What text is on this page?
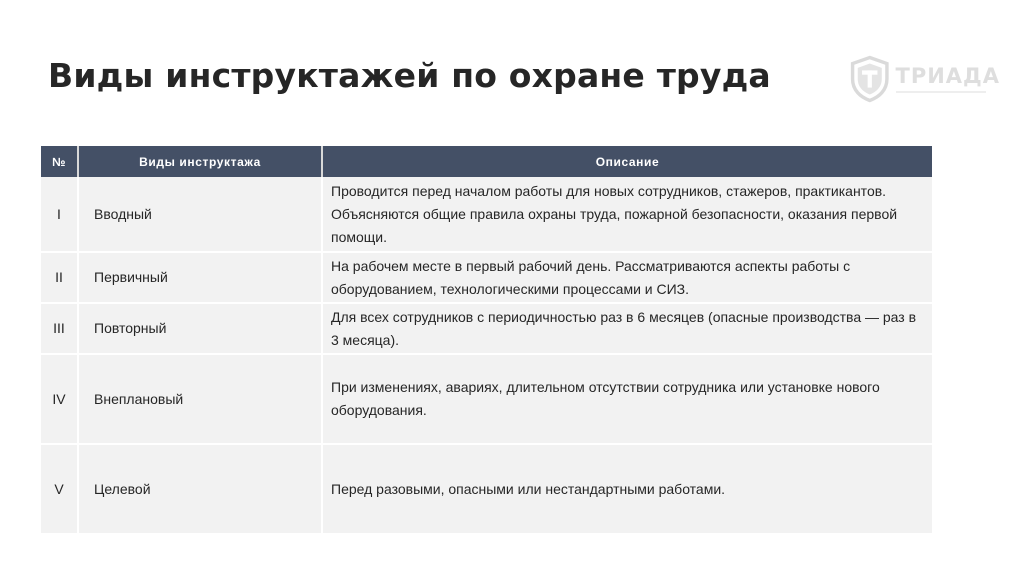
Виды инструктажей по охране труда	ТРИАДА
№	Виды инструктажа	Описание
I	Вводный	Проводится перед началом работы для новых сотрудников, стажеров, практикантов. Объясняются общие правила охраны труда, пожарной безопасности, оказания первой помощи.
II	Первичный	На рабочем месте в первый рабочий день. Рассматриваются аспекты работы с оборудованием, технологическими процессами и СИЗ.
III	Повторный	Для всех сотрудников с периодичностью раз в 6 месяцев (опасные производства — раз в 3 месяца).
IV	Внеплановый	При изменениях, авариях, длительном отсутствии сотрудника или установке нового оборудования.
V	Целевой	Перед разовыми, опасными или нестандартными работами.
